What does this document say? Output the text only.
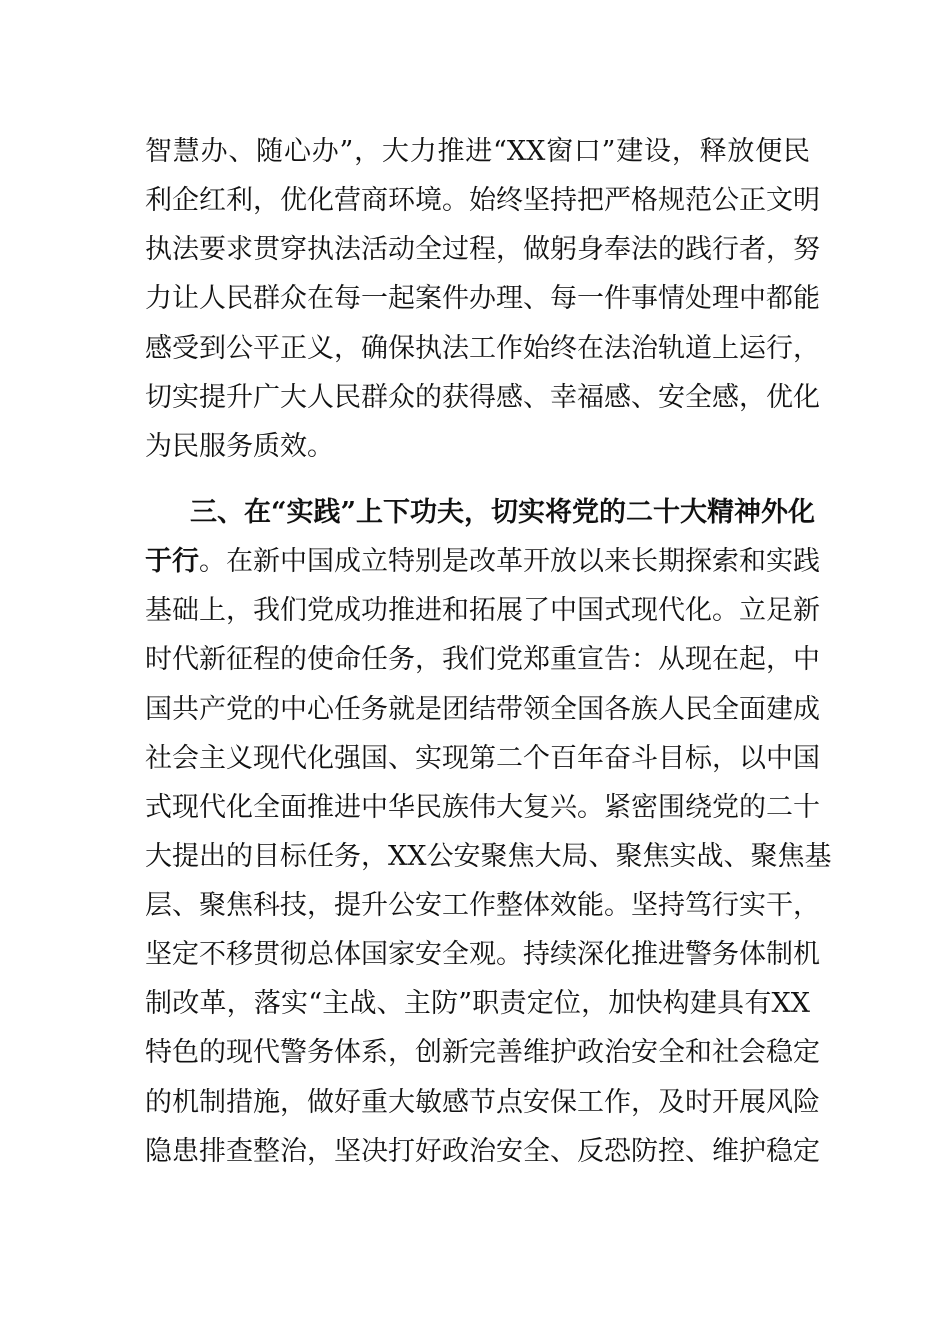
智慧办、随心办”，大力推进“XX窗口”建设，释放便民
利企红利，优化营商环境。始终坚持把严格规范公正文明
执法要求贯穿执法活动全过程，做躬身奉法的践行者，努
力让人民群众在每一起案件办理、每一件事情处理中都能
感受到公平正义，确保执法工作始终在法治轨道上运行，
切实提升广大人民群众的获得感、幸福感、安全感，优化
为民服务质效。
三、在“实践”上下功夫，切实将党的二十大精神外化
于行。在新中国成立特别是改革开放以来长期探索和实践
基础上，我们党成功推进和拓展了中国式现代化。立足新
时代新征程的使命任务，我们党郑重宣告：从现在起，中
国共产党的中心任务就是团结带领全国各族人民全面建成
社会主义现代化强国、实现第二个百年奋斗目标，以中国
式现代化全面推进中华民族伟大复兴。紧密围绕党的二十
大提出的目标任务，XX公安聚焦大局、聚焦实战、聚焦基
层、聚焦科技，提升公安工作整体效能。坚持笃行实干，
坚定不移贯彻总体国家安全观。持续深化推进警务体制机
制改革，落实“主战、主防”职责定位，加快构建具有XX
特色的现代警务体系，创新完善维护政治安全和社会稳定
的机制措施，做好重大敏感节点安保工作，及时开展风险
隐患排查整治，坚决打好政治安全、反恐防控、维护稳定
